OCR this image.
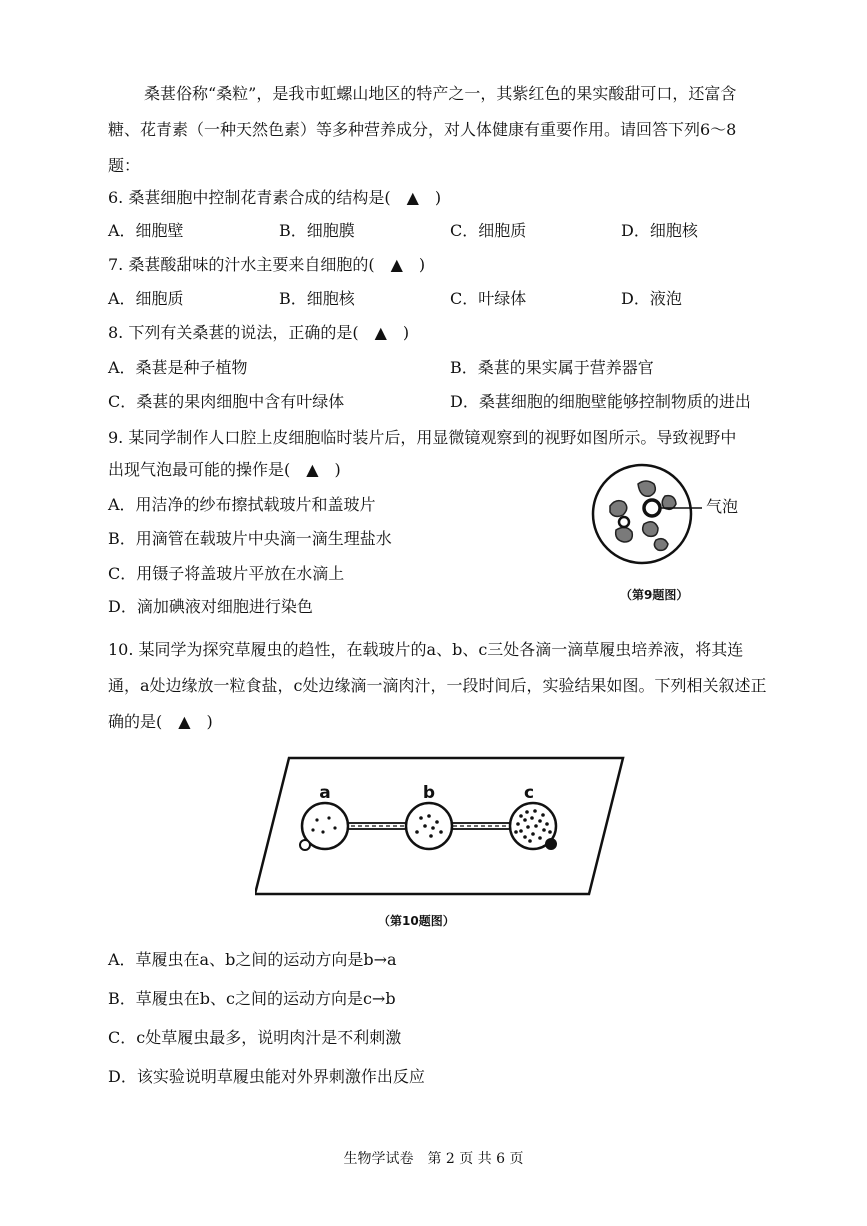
桑葚俗称“桑粒”，是我市虹螺山地区的特产之一，其紫红色的果实酸甜可口，还富含糖、花青素（一种天然色素）等多种营养成分，对人体健康有重要作用。请回答下列6～8题：
6. 桑葚细胞中控制花青素合成的结构是(　▲　)
A．细胞壁	B．细胞膜	C．细胞质	D．细胞核
7. 桑葚酸甜味的汁水主要来自细胞的(　▲　)
A．细胞质	B．细胞核	C．叶绿体	D．液泡
8. 下列有关桑葚的说法，正确的是(　▲　)
A．桑葚是种子植物	B．桑葚的果实属于营养器官
C．桑葚的果肉细胞中含有叶绿体	D．桑葚细胞的细胞壁能够控制物质的进出
9. 某同学制作人口腔上皮细胞临时装片后，用显微镜观察到的视野如图所示。导致视野中
出现气泡最可能的操作是(　▲　)
A．用洁净的纱布擦拭载玻片和盖玻片
B．用滴管在载玻片中央滴一滴生理盐水
C．用镊子将盖玻片平放在水滴上
D．滴加碘液对细胞进行染色
气泡
（第9题图）
10. 某同学为探究草履虫的趋性，在载玻片的a、b、c三处各滴一滴草履虫培养液，将其连通，a处边缘放一粒食盐，c处边缘滴一滴肉汁，一段时间后，实验结果如图。下列相关叙述正确的是(　▲　)
a	b	c
（第10题图）
A．草履虫在a、b之间的运动方向是b→a
B．草履虫在b、c之间的运动方向是c→b
C．c处草履虫最多，说明肉汁是不利刺激
D．该实验说明草履虫能对外界刺激作出反应
生物学试卷　第 2 页 共 6 页
